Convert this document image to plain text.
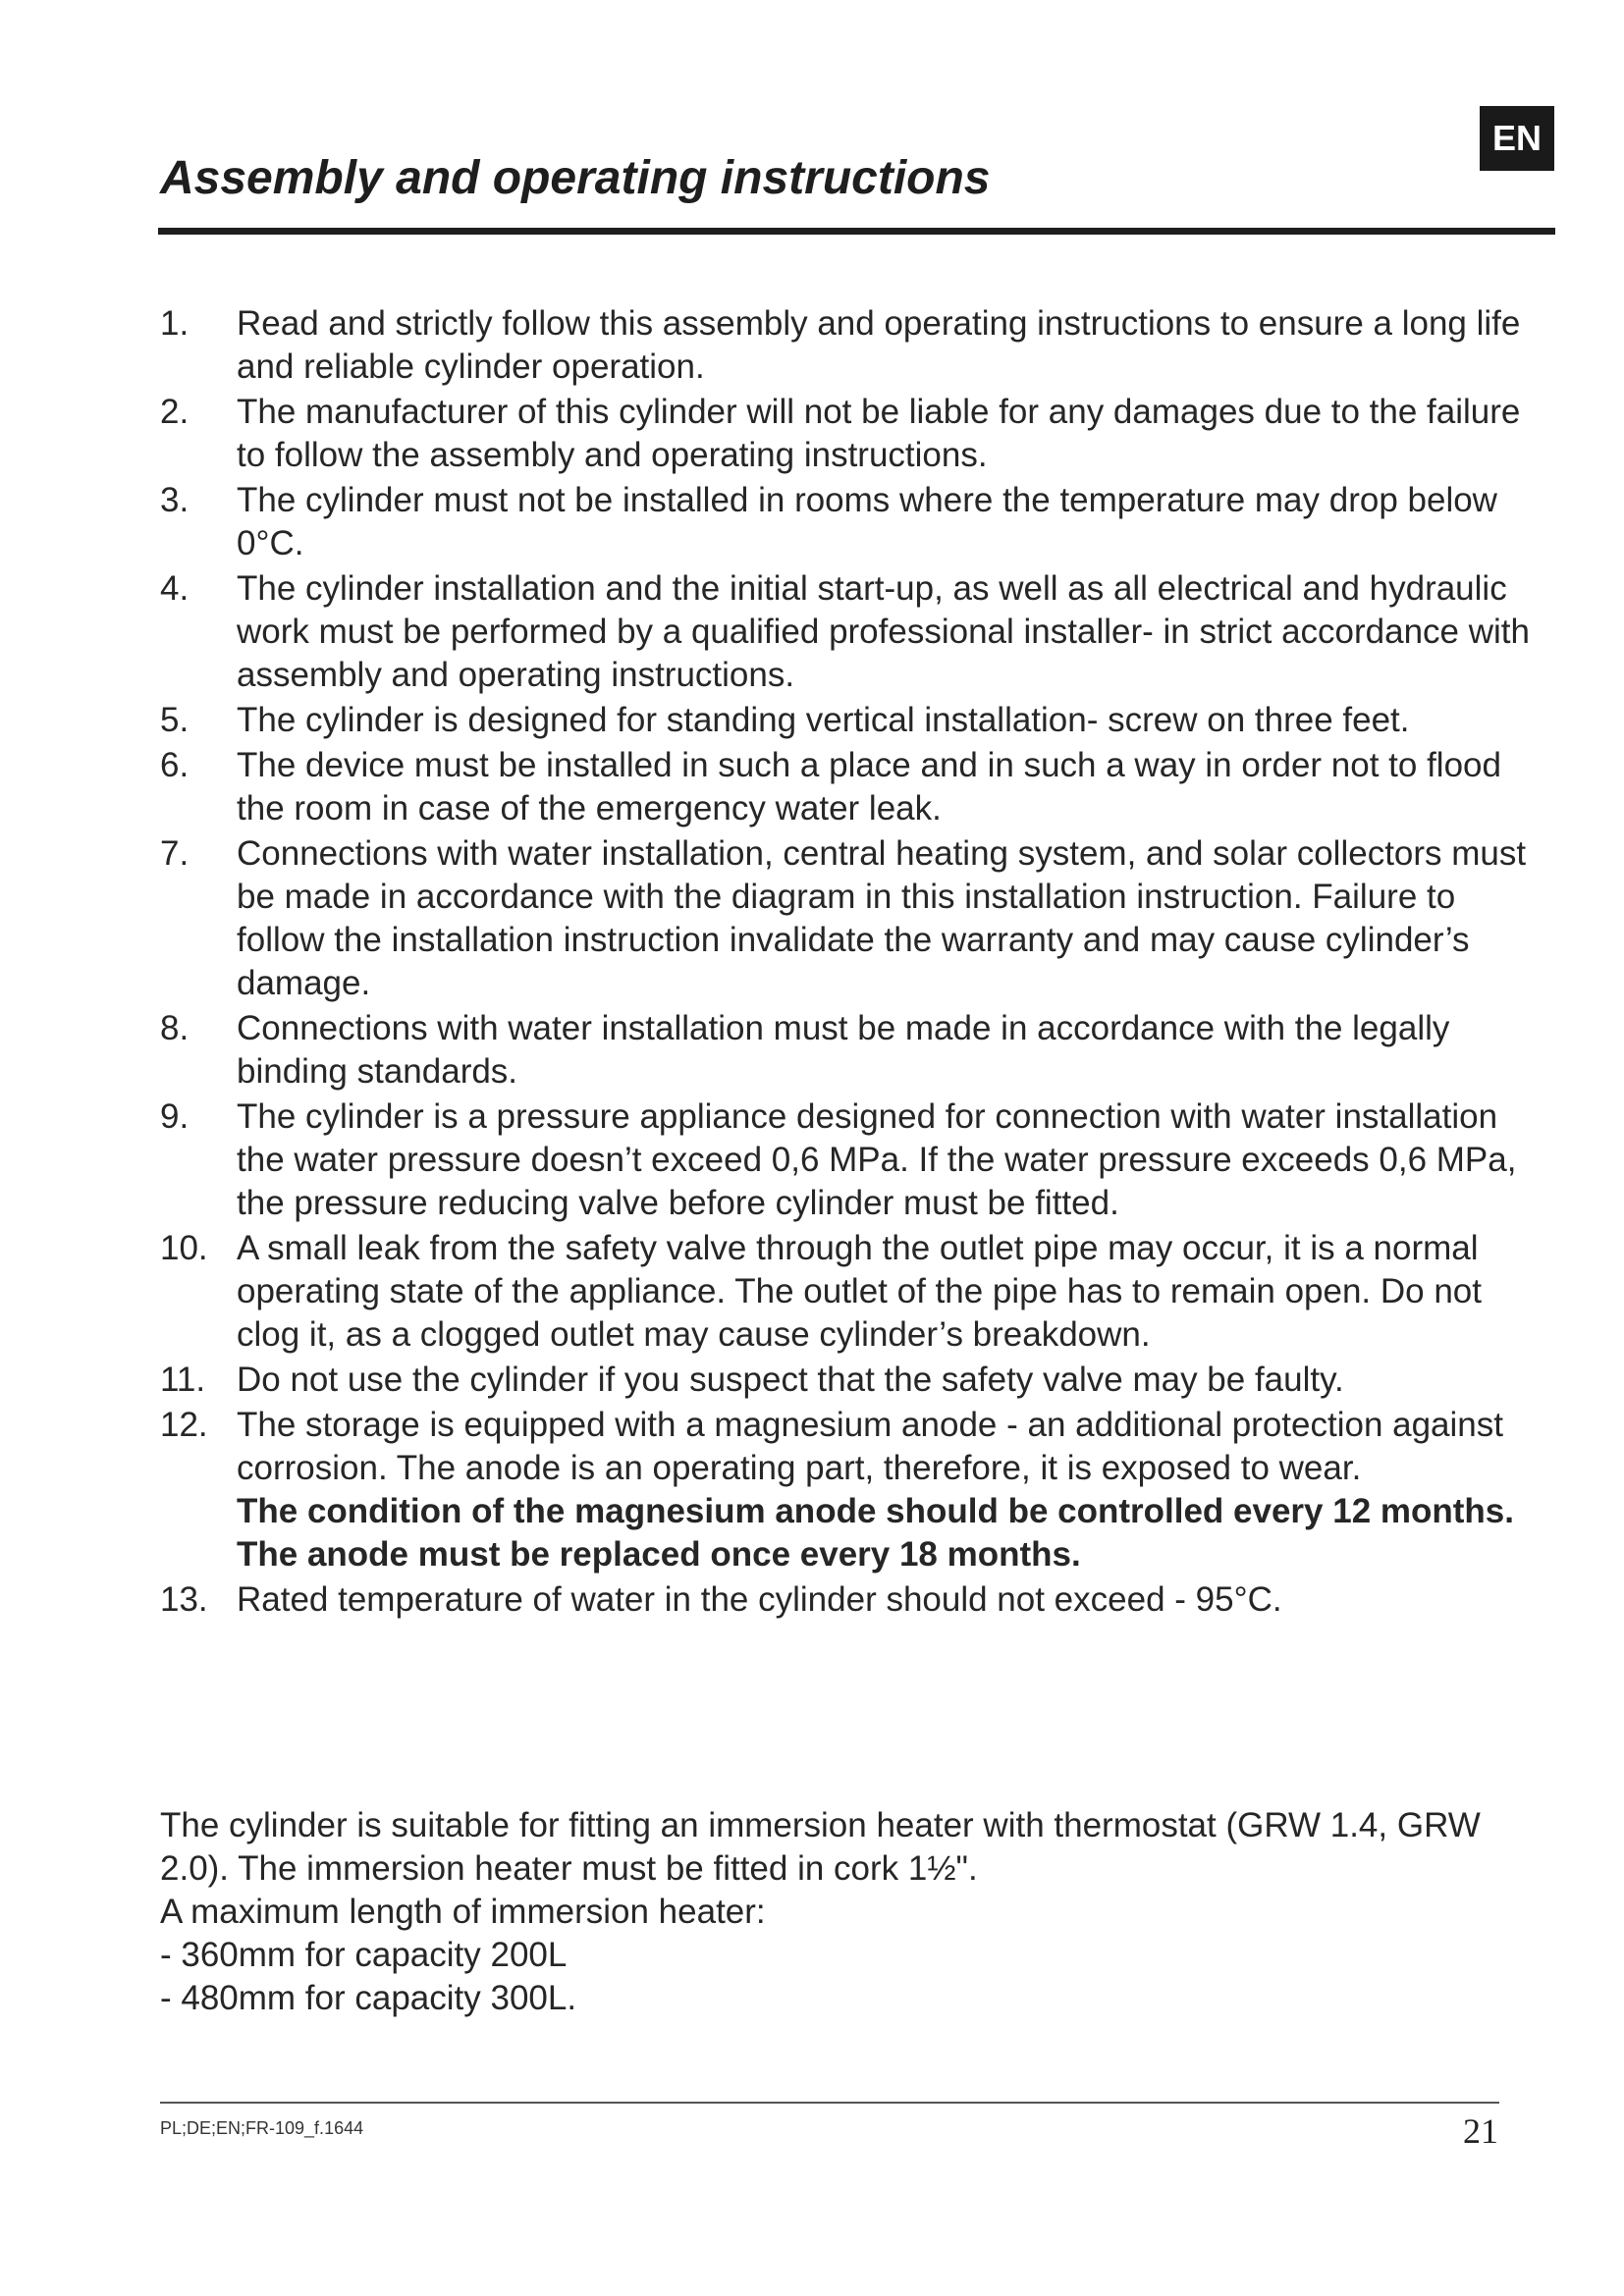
EN
Assembly and operating instructions
1. Read and strictly follow this assembly and operating instructions to ensure a long life and reliable cylinder operation.
2. The manufacturer of this cylinder will not be liable for any damages due to the failure to follow the assembly and operating instructions.
3. The cylinder must not be installed in rooms where the temperature may drop below 0°C.
4. The cylinder installation and the initial start-up, as well as all electrical and hydraulic work must be performed by a qualified professional installer- in strict accordance with assembly and operating instructions.
5. The cylinder is designed for standing vertical installation- screw on three feet.
6. The device must be installed in such a place and in such a way in order not to flood the room in case of the emergency water leak.
7. Connections with water installation, central heating system, and solar collectors must be made in accordance with the diagram in this installation instruction. Failure to follow the installation instruction invalidate the warranty and may cause cylinder’s damage.
8. Connections with water installation must be made in accordance with the legally binding standards.
9. The cylinder is a pressure appliance designed for connection with water installation the water pressure doesn’t exceed 0,6 MPa. If the water pressure exceeds 0,6 MPa, the pressure reducing valve before cylinder must be fitted.
10. A small leak from the safety valve through the outlet pipe may occur, it is a normal operating state of the appliance. The outlet of the pipe has to remain open. Do not clog it, as a clogged outlet may cause cylinder’s breakdown.
11. Do not use the cylinder if you suspect that the safety valve may be faulty.
12. The storage is equipped with a magnesium anode - an additional protection against corrosion. The anode is an operating part, therefore, it is exposed to wear.
The condition of the magnesium anode should be controlled every 12 months.
The anode must be replaced once every 18 months.
13. Rated temperature of water in the cylinder should not exceed - 95°C.

The cylinder is suitable for fitting an immersion heater with thermostat (GRW 1.4, GRW 2.0). The immersion heater must be fitted in cork 1½".

A maximum length of immersion heater:

- 360mm for capacity 200L
- 480mm for capacity 300L.
PL;DE;EN;FR-109_f.1644	21
